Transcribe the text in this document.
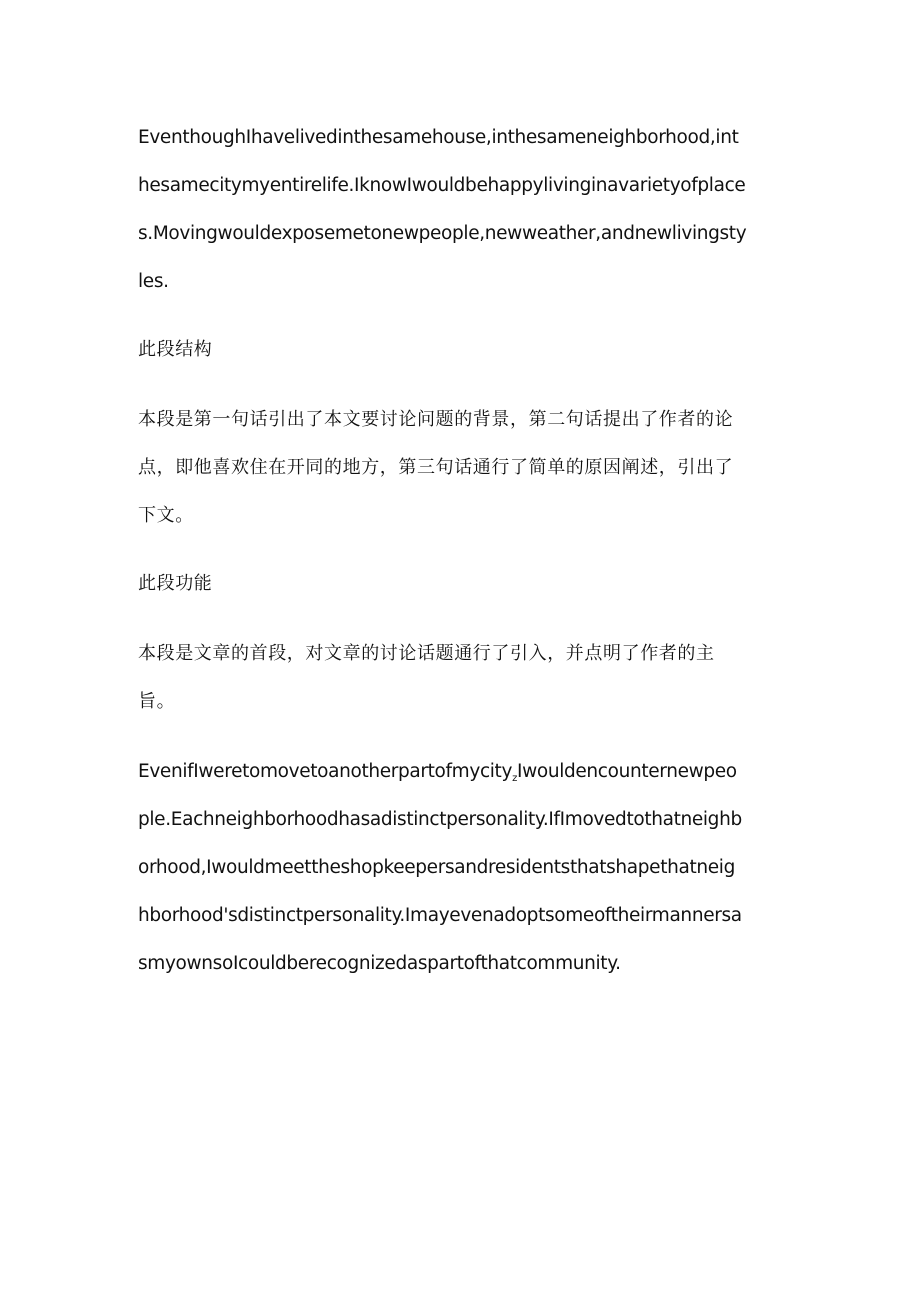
EventhoughIhavelivedinthesamehouse,inthesameneighborhood,int
hesamecitymyentirelife.IknowIwouldbehappylivinginavarietyofplace
s.Movingwouldexposemetonewpeople,newweather,andnewlivingsty
les.
此段结构
本段是第一句话引出了本文要讨论问题的背景，第二句话提出了作者的论
点，即他喜欢住在开同的地方，第三句话通行了简单的原因阐述，引出了
下文。
此段功能
本段是文章的首段，对文章的讨论话题通行了引入，并点明了作者的主
旨。
EvenifIweretomovetoanotherpartofmycity$_z$Iwouldencounternewpeo
ple.Eachneighborhoodhasadistinctpersonality.IfImovedtothatneighb
orhood,Iwouldmeettheshopkeepersandresidentsthatshapethatneig
hborhood'sdistinctpersonality.Imayevenadoptsomeoftheirmannersa
smyownsoIcouldberecognizedaspartofthatcommunity.
